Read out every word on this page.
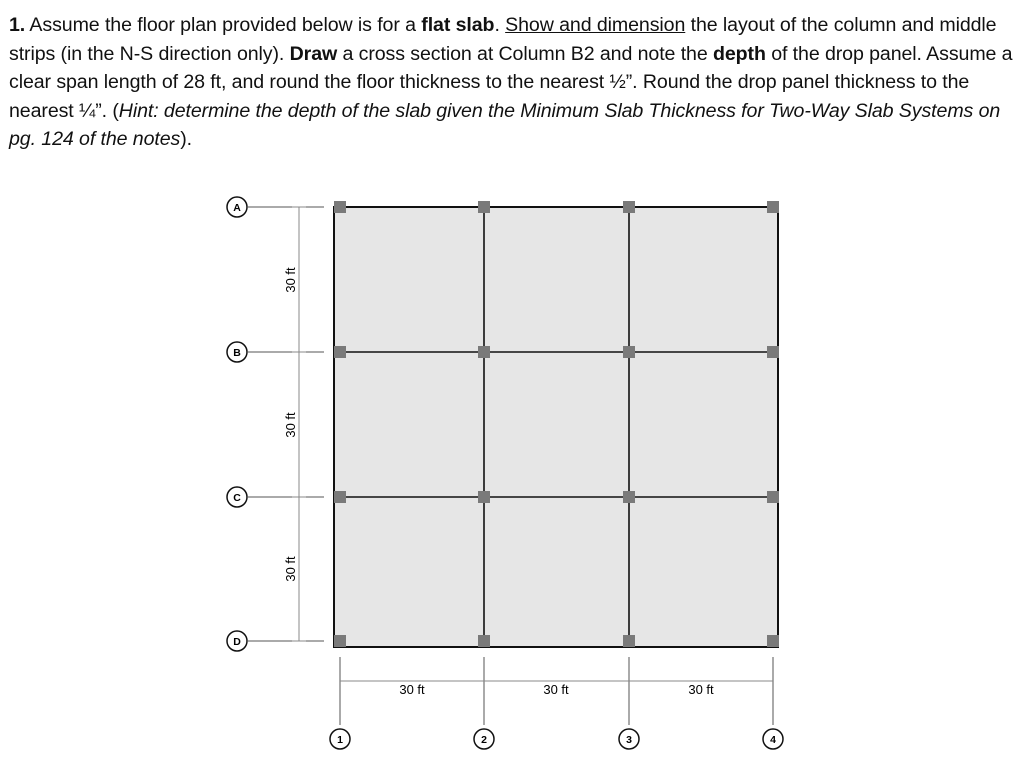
1. Assume the floor plan provided below is for a flat slab. Show and dimension the layout of the column and middle strips (in the N-S direction only). Draw a cross section at Column B2 and note the depth of the drop panel. Assume a clear span length of 28 ft, and round the floor thickness to the nearest ½”. Round the drop panel thickness to the nearest ¼”. (Hint: determine the depth of the slab given the Minimum Slab Thickness for Two-Way Slab Systems on pg. 124 of the notes).

A
B
C
D
1	2	3	4
30 ft
30 ft
30 ft
30 ft	30 ft	30 ft
